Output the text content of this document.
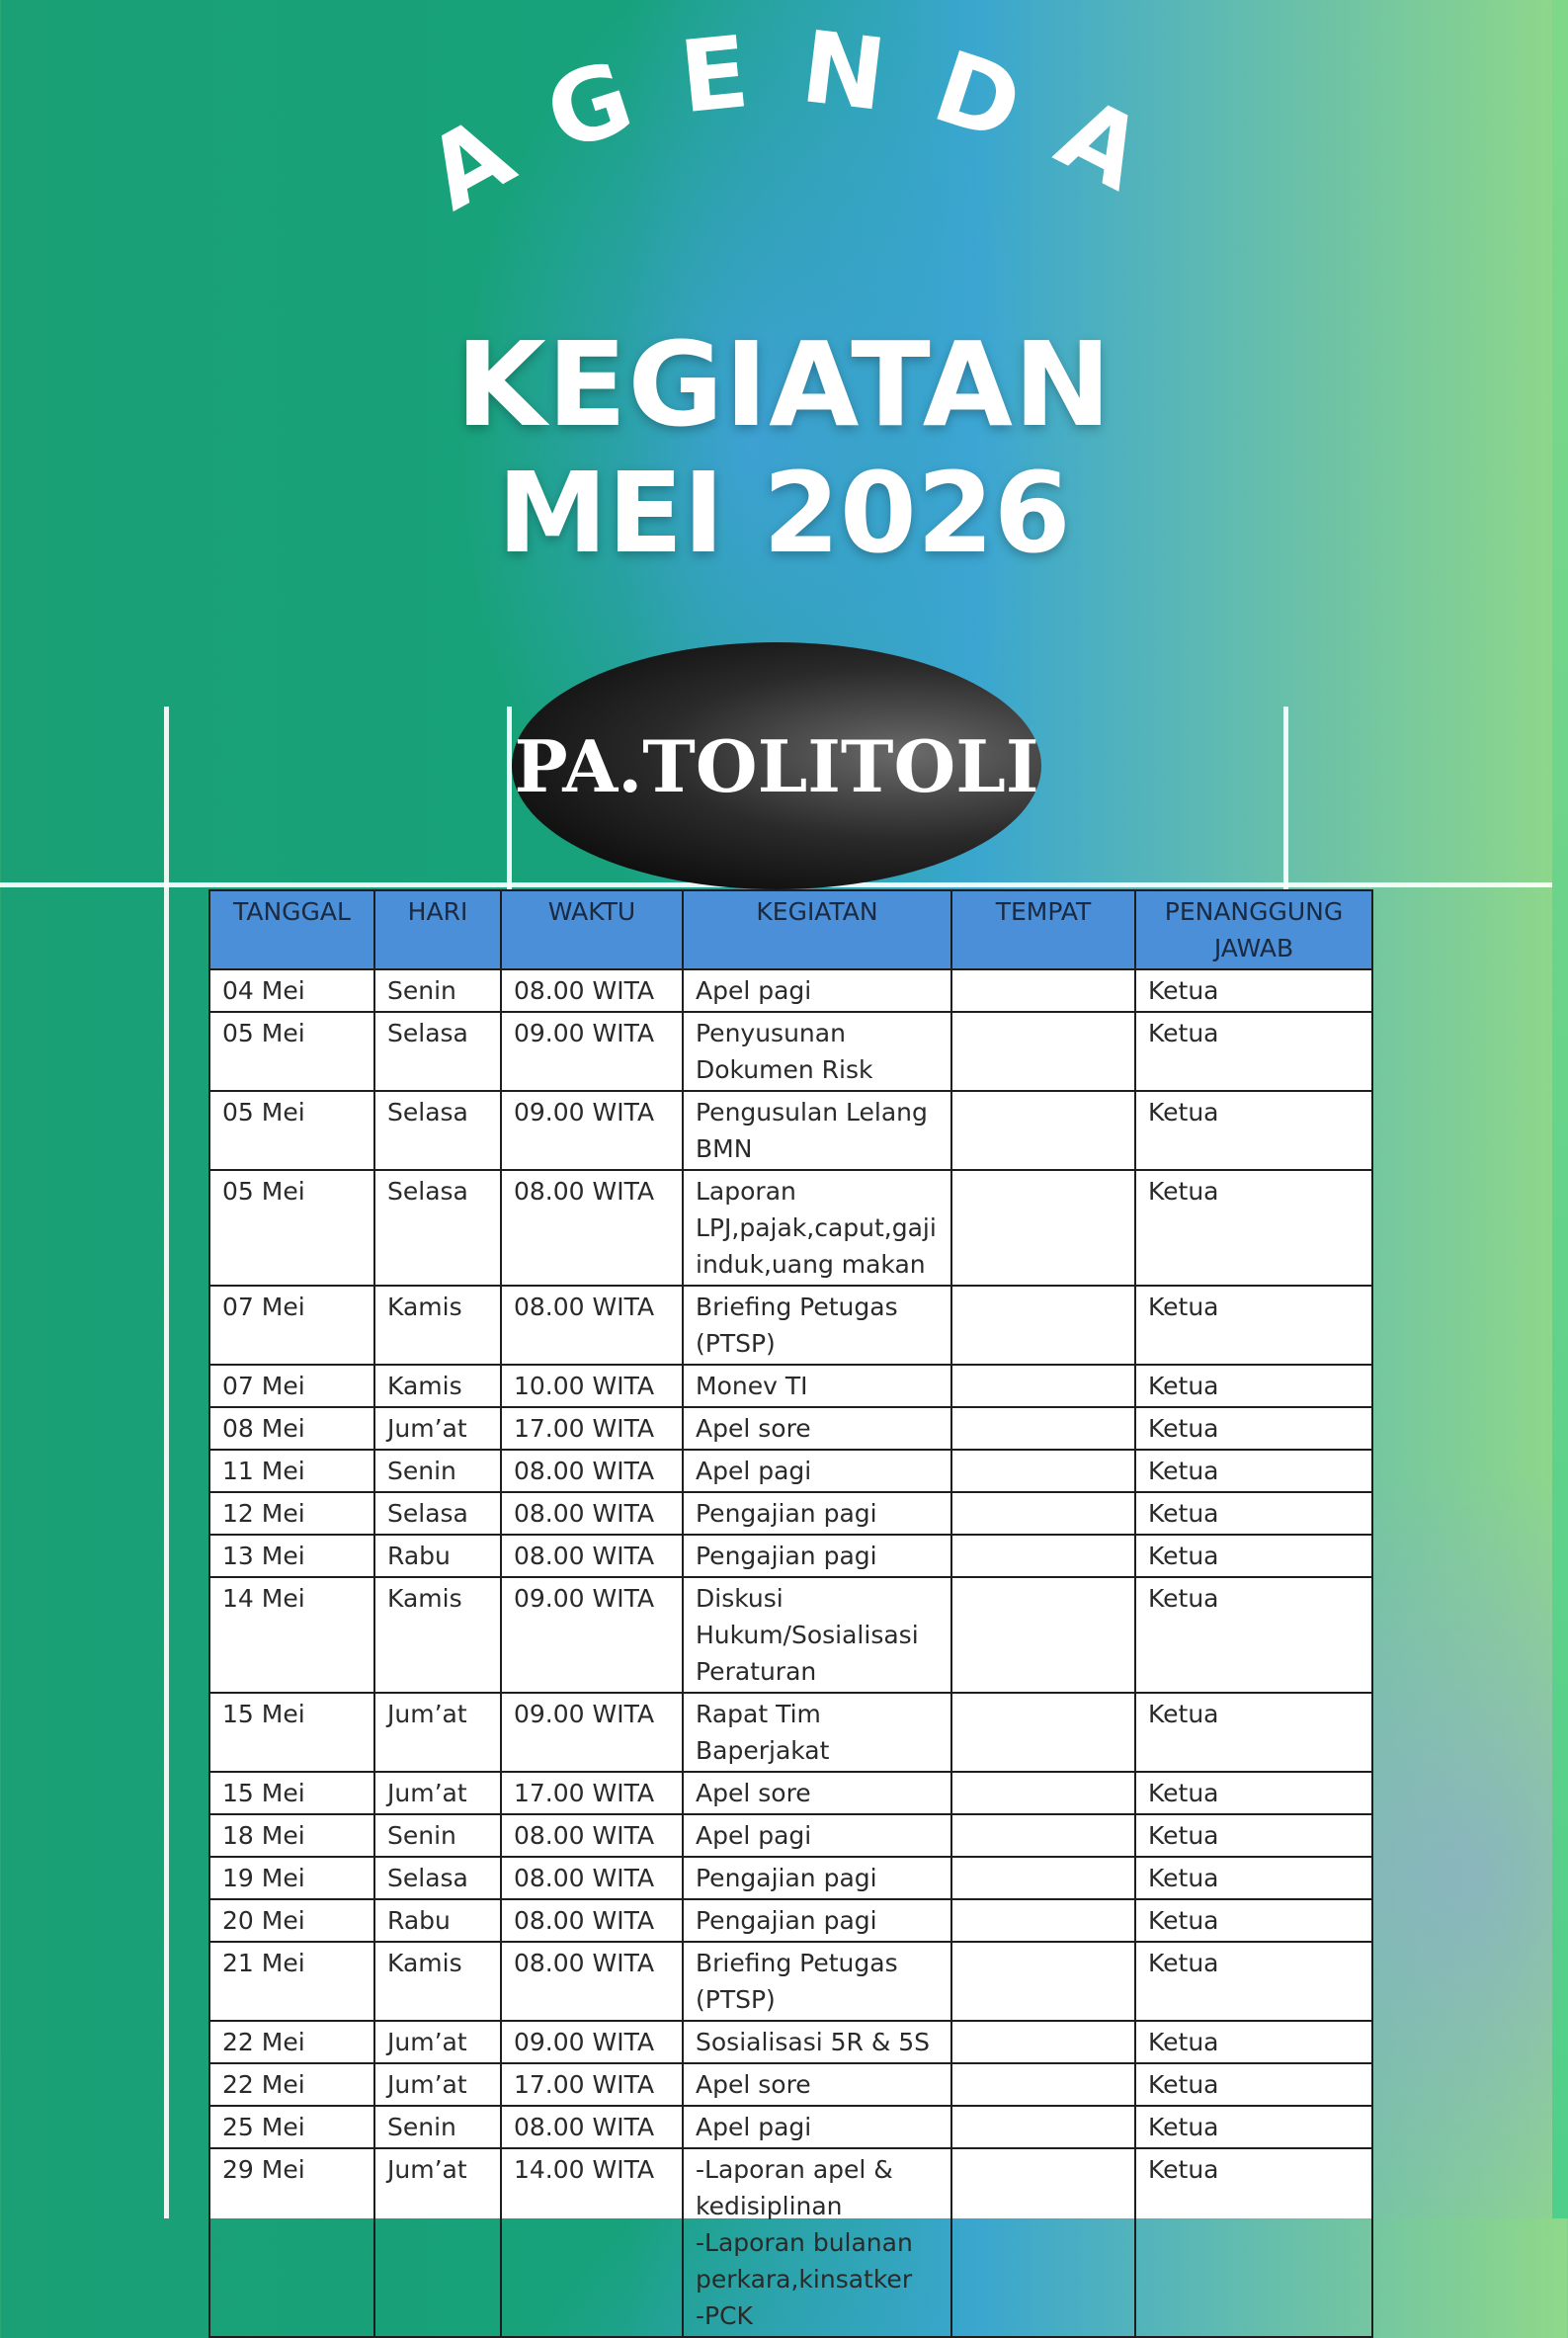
AGENDA
KEGIATAN
MEI 2026
PA.TOLITOLI
TANGGAL	HARI	WAKTU	KEGIATAN	TEMPAT	PENANGGUNG JAWAB
04 Mei	Senin	08.00 WITA	Apel pagi		Ketua
05 Mei	Selasa	09.00 WITA	Penyusunan
Dokumen Risk		Ketua
05 Mei	Selasa	09.00 WITA	Pengusulan Lelang
BMN		Ketua
05 Mei	Selasa	08.00 WITA	Laporan
LPJ,pajak,caput,gaji
induk,uang makan		Ketua
07 Mei	Kamis	08.00 WITA	Briefing Petugas
(PTSP)		Ketua
07 Mei	Kamis	10.00 WITA	Monev TI		Ketua
08 Mei	Jum’at	17.00 WITA	Apel sore		Ketua
11 Mei	Senin	08.00 WITA	Apel pagi		Ketua
12 Mei	Selasa	08.00 WITA	Pengajian pagi		Ketua
13 Mei	Rabu	08.00 WITA	Pengajian pagi		Ketua
14 Mei	Kamis	09.00 WITA	Diskusi
Hukum/Sosialisasi
Peraturan		Ketua
15 Mei	Jum’at	09.00 WITA	Rapat Tim
Baperjakat		Ketua
15 Mei	Jum’at	17.00 WITA	Apel sore		Ketua
18 Mei	Senin	08.00 WITA	Apel pagi		Ketua
19 Mei	Selasa	08.00 WITA	Pengajian pagi		Ketua
20 Mei	Rabu	08.00 WITA	Pengajian pagi		Ketua
21 Mei	Kamis	08.00 WITA	Briefing Petugas
(PTSP)		Ketua
22 Mei	Jum’at	09.00 WITA	Sosialisasi 5R & 5S		Ketua
22 Mei	Jum’at	17.00 WITA	Apel sore		Ketua
25 Mei	Senin	08.00 WITA	Apel pagi		Ketua
29 Mei	Jum’at	14.00 WITA	-Laporan apel &
kedisiplinan
-Laporan bulanan
perkara,kinsatker
-PCK		Ketua
